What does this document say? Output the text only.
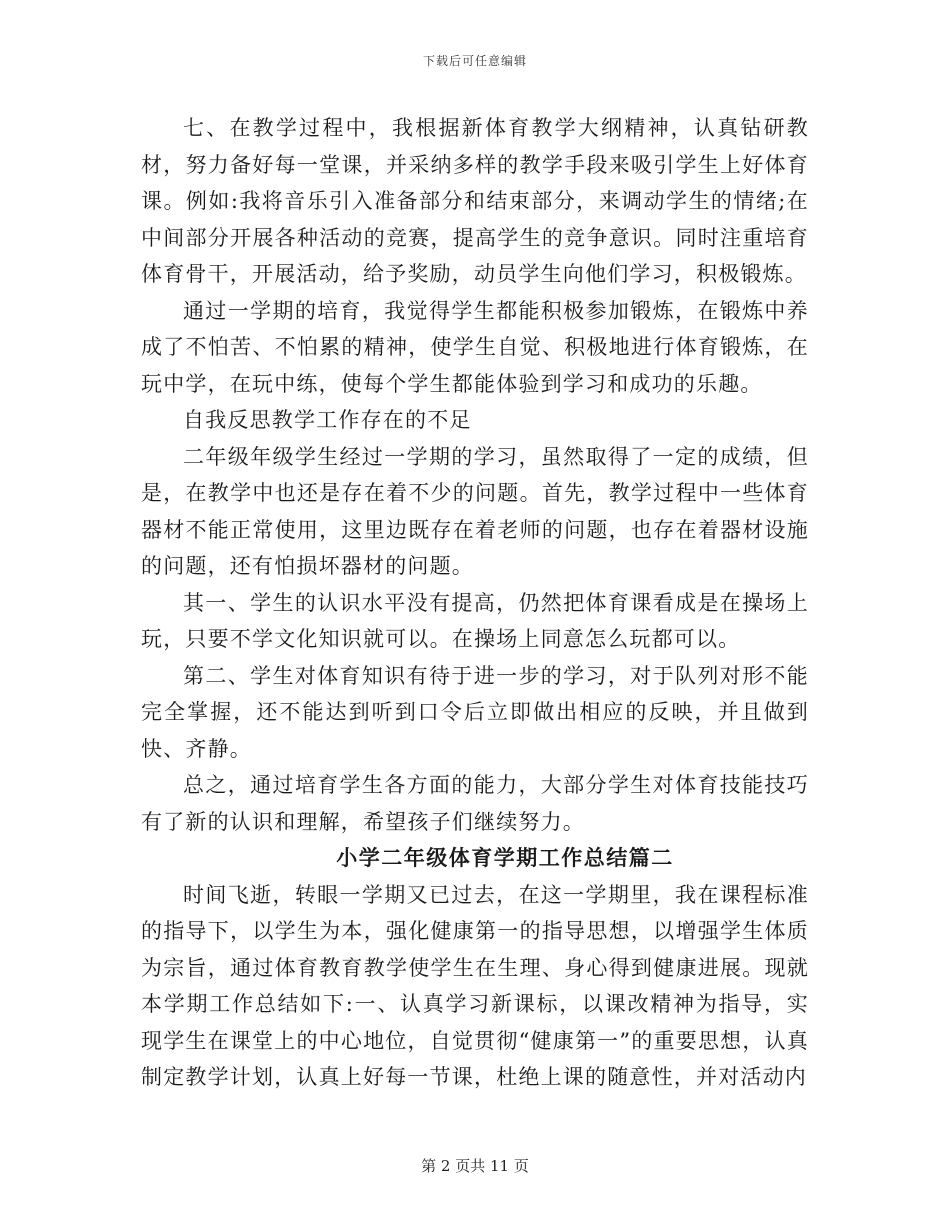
下载后可任意编辑

七、在教学过程中，我根据新体育教学大纲精神，认真钻研教材，努力备好每一堂课，并采纳多样的教学手段来吸引学生上好体育课。例如:我将音乐引入准备部分和结束部分，来调动学生的情绪;在中间部分开展各种活动的竞赛，提高学生的竞争意识。同时注重培育体育骨干，开展活动，给予奖励，动员学生向他们学习，积极锻炼。

通过一学期的培育，我觉得学生都能积极参加锻炼，在锻炼中养成了不怕苦、不怕累的精神，使学生自觉、积极地进行体育锻炼，在玩中学，在玩中练，使每个学生都能体验到学习和成功的乐趣。

自我反思教学工作存在的不足

二年级年级学生经过一学期的学习，虽然取得了一定的成绩，但是，在教学中也还是存在着不少的问题。首先，教学过程中一些体育器材不能正常使用，这里边既存在着老师的问题，也存在着器材设施的问题，还有怕损坏器材的问题。

其一、学生的认识水平没有提高，仍然把体育课看成是在操场上玩，只要不学文化知识就可以。在操场上同意怎么玩都可以。

第二、学生对体育知识有待于进一步的学习，对于队列对形不能完全掌握，还不能达到听到口令后立即做出相应的反映，并且做到快、齐静。

总之，通过培育学生各方面的能力，大部分学生对体育技能技巧有了新的认识和理解，希望孩子们继续努力。

小学二年级体育学期工作总结篇二

时间飞逝，转眼一学期又已过去，在这一学期里，我在课程标准的指导下，以学生为本，强化健康第一的指导思想，以增强学生体质为宗旨，通过体育教育教学使学生在生理、身心得到健康进展。现就本学期工作总结如下:一、认真学习新课标，以课改精神为指导，实现学生在课堂上的中心地位，自觉贯彻“健康第一”的重要思想，认真制定教学计划，认真上好每一节课，杜绝上课的随意性，并对活动内

第 2 页共 11 页
